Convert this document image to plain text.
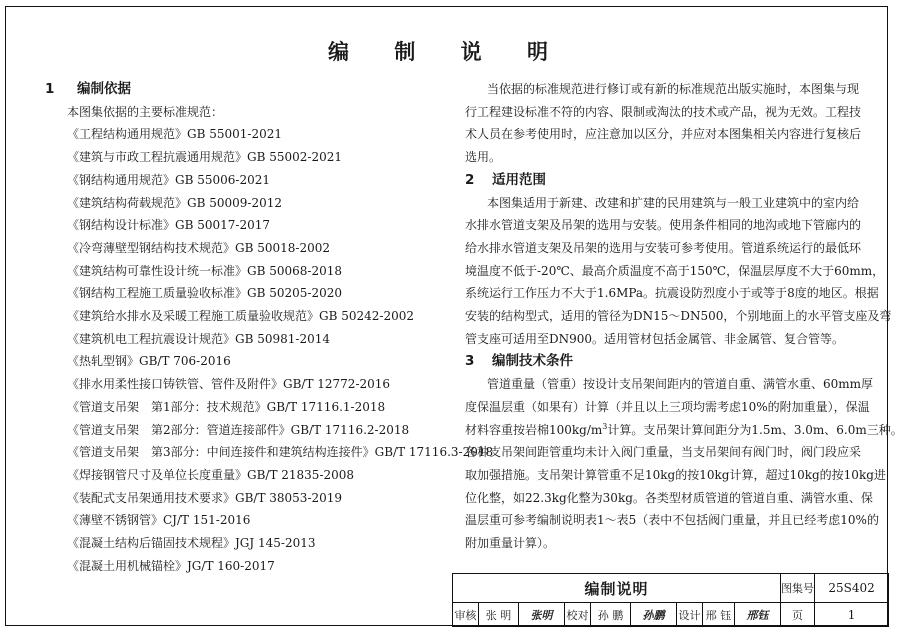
编 制 说 明
1	编制依据
本图集依据的主要标准规范：
《工程结构通用规范》GB 55001-2021
《建筑与市政工程抗震通用规范》GB 55002-2021
《钢结构通用规范》GB 55006-2021
《建筑结构荷载规范》GB 50009-2012
《钢结构设计标准》GB 50017-2017
《冷弯薄壁型钢结构技术规范》GB 50018-2002
《建筑结构可靠性设计统一标准》GB 50068-2018
《钢结构工程施工质量验收标准》GB 50205-2020
《建筑给水排水及采暖工程施工质量验收规范》GB 50242-2002
《建筑机电工程抗震设计规范》GB 50981-2014
《热轧型钢》GB/T 706-2016
《排水用柔性接口铸铁管、管件及附件》GB/T 12772-2016
《管道支吊架　第1部分：技术规范》GB/T 17116.1-2018
《管道支吊架　第2部分：管道连接部件》GB/T 17116.2-2018
《管道支吊架　第3部分：中间连接件和建筑结构连接件》GB/T 17116.3-2018
《焊接钢管尺寸及单位长度重量》GB/T 21835-2008
《装配式支吊架通用技术要求》GB/T 38053-2019
《薄壁不锈钢管》CJ/T 151-2016
《混凝土结构后锚固技术规程》JGJ 145-2013
《混凝土用机械锚栓》JG/T 160-2017
当依据的标准规范进行修订或有新的标准规范出版实施时，本图集与现
行工程建设标准不符的内容、限制或淘汰的技术或产品，视为无效。工程技
术人员在参考使用时，应注意加以区分，并应对本图集相关内容进行复核后
选用。
2	适用范围
本图集适用于新建、改建和扩建的民用建筑与一般工业建筑中的室内给
水排水管道支架及吊架的选用与安装。使用条件相同的地沟或地下管廊内的
给水排水管道支架及吊架的选用与安装可参考使用。管道系统运行的最低环
境温度不低于-20℃、最高介质温度不高于150℃，保温层厚度不大于60mm，
系统运行工作压力不大于1.6MPa。抗震设防烈度小于或等于8度的地区。根据
安装的结构型式，适用的管径为DN15～DN500，个别地面上的水平管支座及弯
管支座可适用至DN900。适用管材包括金属管、非金属管、复合管等。
3	编制技术条件
管道重量（管重）按设计支吊架间距内的管道自重、满管水重、60mm厚
度保温层重（如果有）计算（并且以上三项均需考虑10%的附加重量），保温
材料容重按岩棉$100kg/m^3$计算。支吊架计算间距分为1.5m、3.0m、6.0m三种。
各种支吊架间距管重均未计入阀门重量，当支吊架间有阀门时，阀门段应采
取加强措施。支吊架计算管重不足10kg的按10kg计算，超过10kg的按10kg进
位化整，如22.3kg化整为30kg。各类型材质管道的管道自重、满管水重、保
温层重可参考编制说明表1～表5（表中不包括阀门重量，并且已经考虑10%的
附加重量计算）。
编制说明									图集号	25S402
审核	张 明	张明	校对	孙 鹏	孙鹏	设计	邢 钰	邢钰	页	1
